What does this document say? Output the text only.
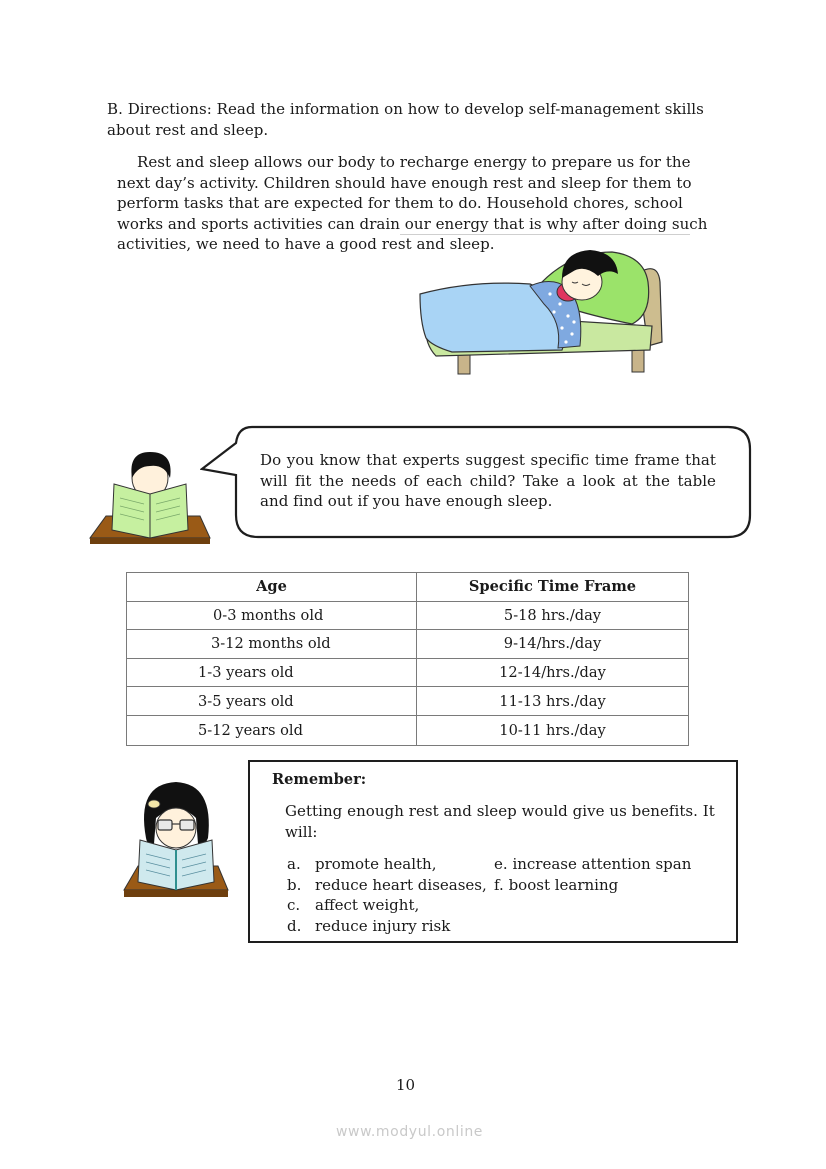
B. Directions: Read the information on how to develop self-management skills about rest and sleep.
Rest and sleep allows our body to recharge energy to prepare us for the next day’s activity. Children should have enough rest and sleep for them to perform tasks that are expected for them to do. Household chores, school works and sports activities can drain our energy that is why after doing such activities, we need to have a good rest and sleep.
Do you know that experts suggest specific time frame that will fit the needs of each child? Take a look at the table and find out if you have enough sleep.
Age	Specific Time Frame
0-3 months old	5-18 hrs./day
3-12 months old	9-14/hrs./day
1-3 years old	12-14/hrs./day
3-5 years old	11-13 hrs./day
5-12 years old	10-11 hrs./day
Remember:
Getting enough rest and sleep would give us benefits. It will:
a. promote health,
b. reduce heart diseases,
c. affect weight,
d. reduce injury risk
e. increase attention span
f. boost learning
10
www.modyul.online
